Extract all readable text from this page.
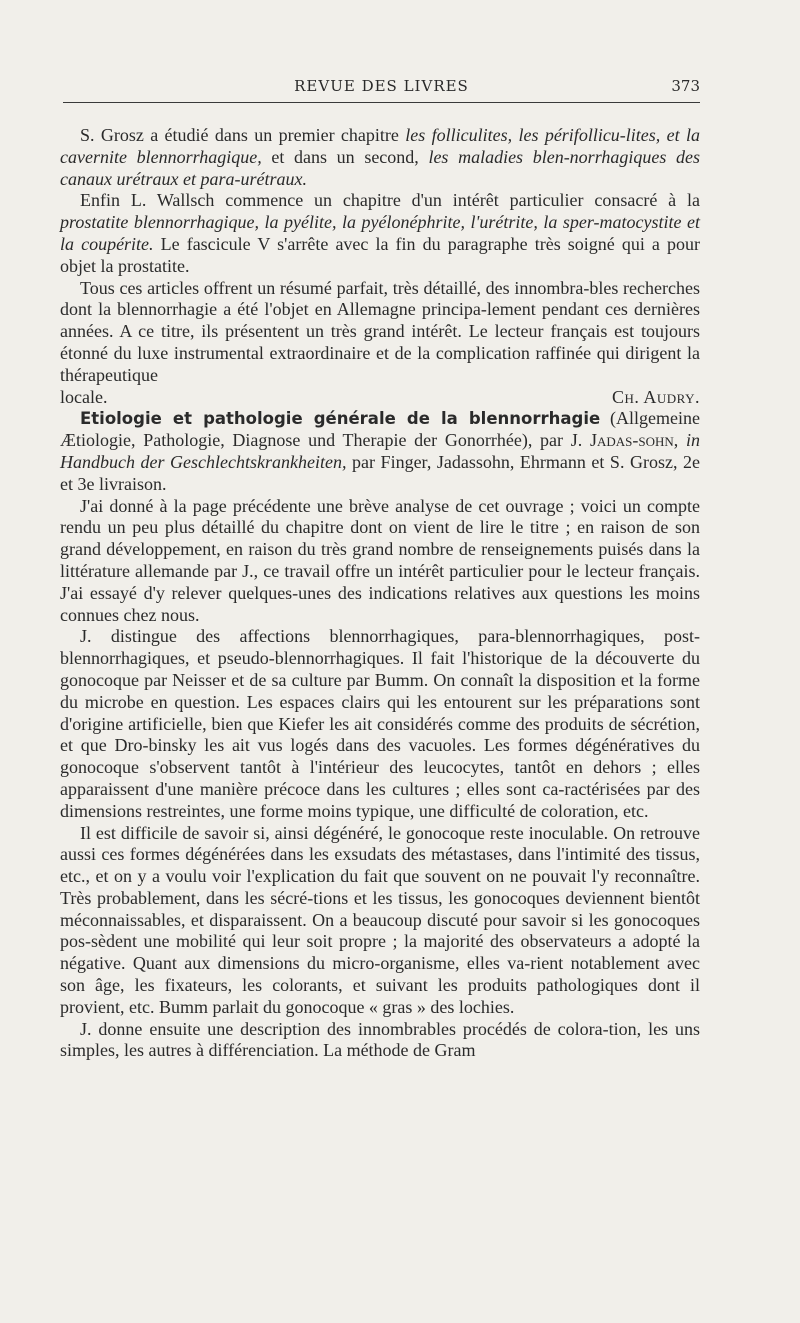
REVUE DES LIVRES	373

S. Grosz a étudié dans un premier chapitre les folliculites, les périfollicu-lites, et la cavernite blennorrhagique, et dans un second, les maladies blen-norrhagiques des canaux urétraux et para-urétraux.

Enfin L. Wallsch commence un chapitre d'un intérêt particulier consacré à la prostatite blennorrhagique, la pyélite, la pyélonéphrite, l'urétrite, la sper-matocystite et la coupérite. Le fascicule V s'arrête avec la fin du paragraphe très soigné qui a pour objet la prostatite.

Tous ces articles offrent un résumé parfait, très détaillé, des innombra-bles recherches dont la blennorrhagie a été l'objet en Allemagne principa-lement pendant ces dernières années. A ce titre, ils présentent un très grand intérêt. Le lecteur français est toujours étonné du luxe instrumental extraordinaire et de la complication raffinée qui dirigent la thérapeutique

locale.	Ch. Audry.

Etiologie et pathologie générale de la blennorrhagie (Allgemeine Ætiologie, Pathologie, Diagnose und Therapie der Gonorrhée), par J. Jadas-sohn, in Handbuch der Geschlechtskrankheiten, par Finger, Jadassohn, Ehrmann et S. Grosz, 2e et 3e livraison.

J'ai donné à la page précédente une brève analyse de cet ouvrage ; voici un compte rendu un peu plus détaillé du chapitre dont on vient de lire le titre ; en raison de son grand développement, en raison du très grand nombre de renseignements puisés dans la littérature allemande par J., ce travail offre un intérêt particulier pour le lecteur français. J'ai essayé d'y relever quelques-unes des indications relatives aux questions les moins connues chez nous.

J. distingue des affections blennorrhagiques, para-blennorrhagiques, post-blennorrhagiques, et pseudo-blennorrhagiques. Il fait l'historique de la découverte du gonocoque par Neisser et de sa culture par Bumm. On connaît la disposition et la forme du microbe en question. Les espaces clairs qui les entourent sur les préparations sont d'origine artificielle, bien que Kiefer les ait considérés comme des produits de sécrétion, et que Dro-binsky les ait vus logés dans des vacuoles. Les formes dégénératives du gonocoque s'observent tantôt à l'intérieur des leucocytes, tantôt en dehors ; elles apparaissent d'une manière précoce dans les cultures ; elles sont ca-ractérisées par des dimensions restreintes, une forme moins typique, une difficulté de coloration, etc.

Il est difficile de savoir si, ainsi dégénéré, le gonocoque reste inoculable. On retrouve aussi ces formes dégénérées dans les exsudats des métastases, dans l'intimité des tissus, etc., et on y a voulu voir l'explication du fait que souvent on ne pouvait l'y reconnaître. Très probablement, dans les sécré-tions et les tissus, les gonocoques deviennent bientôt méconnaissables, et disparaissent. On a beaucoup discuté pour savoir si les gonocoques pos-sèdent une mobilité qui leur soit propre ; la majorité des observateurs a adopté la négative. Quant aux dimensions du micro-organisme, elles va-rient notablement avec son âge, les fixateurs, les colorants, et suivant les produits pathologiques dont il provient, etc. Bumm parlait du gonocoque « gras » des lochies.

J. donne ensuite une description des innombrables procédés de colora-tion, les uns simples, les autres à différenciation. La méthode de Gram
